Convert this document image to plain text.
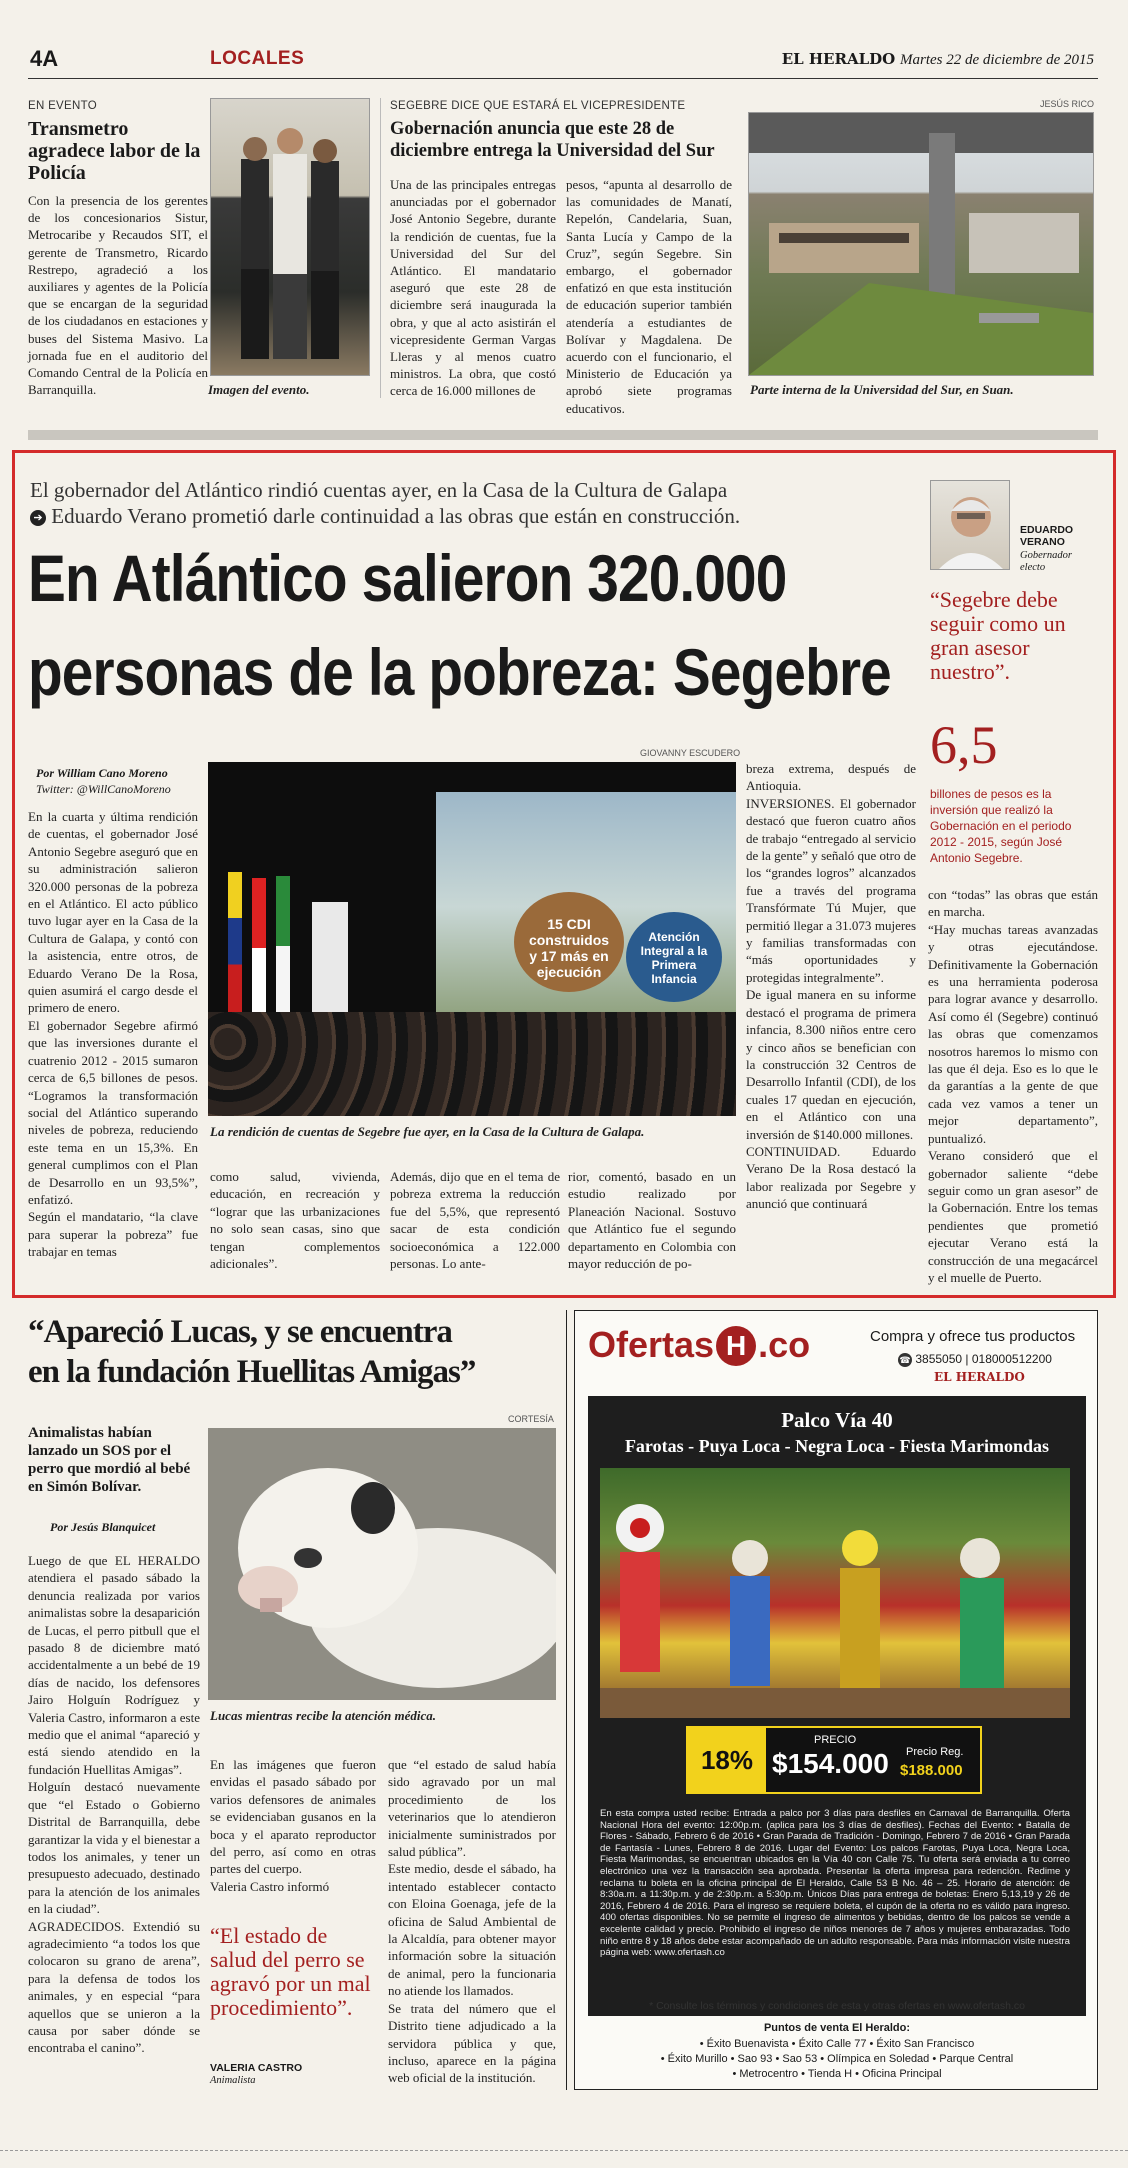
4A	LOCALES	EL HERALDO Martes 22 de diciembre de 2015
EN EVENTO
Transmetro agradece labor de la Policía
Con la presencia de los gerentes de los concesionarios Sistur, Metrocaribe y Recaudos SIT, el gerente de Transmetro, Ricardo Restrepo, agradeció a los auxiliares y agentes de la Policía que se encargan de la seguridad de los ciudadanos en estaciones y buses del Sistema Masivo. La jornada fue en el auditorio del Comando Central de la Policía en Barranquilla.	Imagen del evento.
SEGEBRE DICE QUE ESTARÁ EL VICEPRESIDENTE
Gobernación anuncia que este 28 de diciembre entrega la Universidad del Sur
Una de las principales entregas anunciadas por el gobernador José Antonio Segebre, durante la rendición de cuentas, fue la Universidad del Sur del Atlántico. El mandatario aseguró que este 28 de diciembre será inaugurada la obra, y que al acto asistirán el vicepresidente German Vargas Lleras y al menos cuatro ministros. La obra, que costó cerca de 16.000 millones de
pesos, “apunta al desarrollo de las comunidades de Manatí, Repelón, Candelaria, Suan, Santa Lucía y Campo de la Cruz”, según Segebre. Sin embargo, el gobernador enfatizó en que esta institución de educación superior también atendería a estudiantes de Bolívar y Magdalena. De acuerdo con el funcionario, el Ministerio de Educación ya aprobó siete programas educativos.
JESÚS RICO
Parte interna de la Universidad del Sur, en Suan.
El gobernador del Atlántico rindió cuentas ayer, en la Casa de la Cultura de Galapa
➔ Eduardo Verano prometió darle continuidad a las obras que están en construcción.
En Atlántico salieron 320.000
personas de la pobreza: Segebre
EDUARDO VERANO
Gobernador electo
“Segebre debe seguir como un gran asesor nuestro”.
6,5
billones de pesos es la inversión que realizó la Gobernación en el periodo 2012 - 2015, según José Antonio Segebre.
Por William Cano Moreno
Twitter: @WillCanoMoreno
GIOVANNY ESCUDERO
15 CDI construidos y 17 más en ejecución
Atención Integral a la Primera Infancia
La rendición de cuentas de Segebre fue ayer, en la Casa de la Cultura de Galapa.
En la cuarta y última rendición de cuentas, el gobernador José Antonio Segebre aseguró que en su administración salieron 320.000 personas de la pobreza en el Atlántico. El acto público tuvo lugar ayer en la Casa de la Cultura de Galapa, y contó con la asistencia, entre otros, de Eduardo Verano De la Rosa, quien asumirá el cargo desde el primero de enero.
El gobernador Segebre afirmó que las inversiones durante el cuatrenio 2012 - 2015 sumaron cerca de 6,5 billones de pesos. “Logramos la transformación social del Atlántico superando niveles de pobreza, reduciendo este tema en un 15,3%. En general cumplimos con el Plan de Desarrollo en un 93,5%”, enfatizó.
Según el mandatario, “la clave para superar la pobreza” fue trabajar en temas
como salud, vivienda, educación, en recreación y “lograr que las urbanizaciones no solo sean casas, sino que tengan complementos adicionales”.
Además, dijo que en el tema de pobreza extrema la reducción fue del 5,5%, que representó sacar de esta condición socioeconómica a 122.000 personas. Lo ante-
rior, comentó, basado en un estudio realizado por Planeación Nacional. Sostuvo que Atlántico fue el segundo departamento en Colombia con mayor reducción de po-
breza extrema, después de Antioquia.
INVERSIONES. El gobernador destacó que fueron cuatro años de trabajo “entregado al servicio de la gente” y señaló que otro de los “grandes logros” alcanzados fue a través del programa Transfórmate Tú Mujer, que permitió llegar a 31.073 mujeres y familias transformadas con “más oportunidades y protegidas integralmente”.
De igual manera en su informe destacó el programa de primera infancia, 8.300 niños entre cero y cinco años se benefician con la construcción 32 Centros de Desarrollo Infantil (CDI), de los cuales 17 quedan en ejecución, en el Atlántico con una inversión de $140.000 millones.
CONTINUIDAD. Eduardo Verano De la Rosa destacó la labor realizada por Segebre y anunció que continuará
con “todas” las obras que están en marcha.
“Hay muchas tareas avanzadas y otras ejecutándose. Definitivamente la Gobernación es una herramienta poderosa para lograr avance y desarrollo. Así como él (Segebre) continuó las obras que comenzamos nosotros haremos lo mismo con las que él deja. Eso es lo que le da garantías a la gente de que cada vez vamos a tener un mejor departamento”, puntualizó.
Verano consideró que el gobernador saliente “debe seguir como un gran asesor” de la Gobernación. Entre los temas pendientes que prometió ejecutar Verano está la construcción de una megacárcel y el muelle de Puerto.
“Apareció Lucas, y se encuentra
en la fundación Huellitas Amigas”
Animalistas habían lanzado un SOS por el perro que mordió al bebé en Simón Bolívar.
Por Jesús Blanquicet
Luego de que EL HERALDO atendiera el pasado sábado la denuncia realizada por varios animalistas sobre la desaparición de Lucas, el perro pitbull que el pasado 8 de diciembre mató accidentalmente a un bebé de 19 días de nacido, los defensores Jairo Holguín Rodríguez y Valeria Castro, informaron a este medio que el animal “apareció y está siendo atendido en la fundación Huellitas Amigas”.
Holguín destacó nuevamente que “el Estado o Gobierno Distrital de Barranquilla, debe garantizar la vida y el bienestar a todos los animales, y tener un presupuesto adecuado, destinado para la atención de los animales en la ciudad”.
AGRADECIDOS. Extendió su agradecimiento “a todos los que colocaron su grano de arena”, para la defensa de todos los animales, y en especial “para aquellos que se unieron a la causa por saber dónde se encontraba el canino”.
CORTESÍA
Lucas mientras recibe la atención médica.
En las imágenes que fueron envidas el pasado sábado por varios defensores de animales se evidenciaban gusanos en la boca y el aparato reproductor del perro, así como en otras partes del cuerpo.
Valeria Castro informó
que “el estado de salud había sido agravado por un mal procedimiento de los veterinarios que lo atendieron inicialmente suministrados por salud pública”.
Este medio, desde el sábado, ha intentado establecer contacto con Eloina Goenaga, jefe de la oficina de Salud Ambiental de la Alcaldía, para obtener mayor información sobre la situación de animal, pero la funcionaria no atiende los llamados.
Se trata del número que el Distrito tiene adjudicado a la servidora pública y que, incluso, aparece en la página web oficial de la institución.
“El estado de salud del perro se agravó por un mal procedimiento”.
VALERIA CASTRO
Animalista
Ofertas H .co	Compra y ofrece tus productos
☎ 3855050 | 018000512200
EL HERALDO
Palco Vía 40
Farotas - Puya Loca - Negra Loca - Fiesta Marimondas
18%
PRECIO
$154.000 Precio Reg.
$188.000
En esta compra usted recibe: Entrada a palco por 3 días para desfiles en Carnaval de Barranquilla. Oferta Nacional Hora del evento: 12:00p.m. (aplica para los 3 días de desfiles). Fechas del Evento: • Batalla de Flores - Sábado, Febrero 6 de 2016 • Gran Parada de Tradición - Domingo, Febrero 7 de 2016 • Gran Parada de Fantasía - Lunes, Febrero 8 de 2016. Lugar del Evento: Los palcos Farotas, Puya Loca, Negra Loca, Fiesta Marimondas, se encuentran ubicados en la Vía 40 con Calle 75. Tu oferta será enviada a tu correo electrónico una vez la transacción sea aprobada. Presentar la oferta impresa para redención. Redime y reclama tu boleta en la oficina principal de El Heraldo, Calle 53 B No. 46 – 25. Horario de atención: de 8:30a.m. a 11:30p.m. y de 2:30p.m. a 5:30p.m. Únicos Días para entrega de boletas: Enero 5,13,19 y 26 de 2016, Febrero 4 de 2016. Para el ingreso se requiere boleta, el cupón de la oferta no es válido para ingreso. 400 ofertas disponibles. No se permite el ingreso de alimentos y bebidas, dentro de los palcos se vende a excelente calidad y precio. Prohibido el ingreso de niños menores de 7 años y mujeres embarazadas. Todo niño entre 8 y 18 años debe estar acompañado de un adulto responsable. Para más información visite nuestra página web: www.ofertash.co
* Consulte los términos y condiciones de esta y otras ofertas en www.ofertash.co
Puntos de venta El Heraldo:
• Éxito Buenavista • Éxito Calle 77 • Éxito San Francisco
• Éxito Murillo • Sao 93 • Sao 53 • Olímpica en Soledad • Parque Central
• Metrocentro • Tienda H • Oficina Principal
